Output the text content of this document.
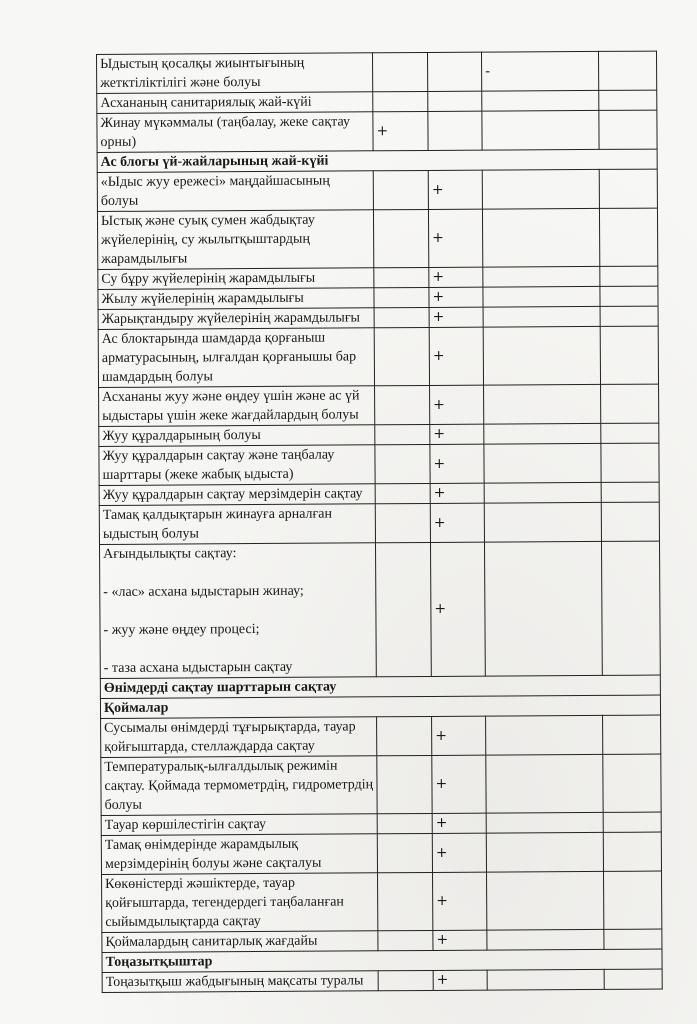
Ыдыстың қосалқы жиынтығының жетктіліктілігі және болуы			-	
Асхананың санитариялық жай-күйі				
Жинау мүкәммалы (таңбалау, жеке сақтау орны)	+			
Ас блогы үй-жайларының жай-күйі				
«Ыдыс жуу ережесі» маңдайшасының болуы		+		
Ыстық және суық сумен жабдықтау жүйелерінің, су жылытқыштардың жарамдылығы		+		
Су бұру жүйелерінің жарамдылығы		+		
Жылу жүйелерінің жарамдылығы		+		
Жарықтандыру жүйелерінің жарамдылығы		+		
Ас блоктарында шамдарда қорғаныш арматурасының, ылғалдан қорғанышы бар шамдардың болуы		+		
Асхананы жуу және өңдеу үшін және ас үй ыдыстары үшін жеке жағдайлардың болуы		+		
Жуу құралдарының болуы		+		
Жуу құралдарын сақтау және таңбалау шарттары (жеке жабық ыдыста)		+		
Жуу құралдарын сақтау мерзімдерін сақтау		+		
Тамақ қалдықтарын жинауға арналған ыдыстың болуы		+		

Ағындылықты сақтау:

- «лас» асхана ыдыстарын жинау;

- жуу және өңдеу процесі;

- таза асхана ыдыстарын сақтау		+		
Өнімдерді сақтау шарттарын сақтау				
Қоймалар				
Сусымалы өнімдерді тұғырықтарда, тауар қойғыштарда, стеллаждарда сақтау		+		
Температуралық-ылғалдылық режимін сақтау. Қоймада термометрдің, гидрометрдің болуы		+		
Тауар көршілестігін сақтау		+		
Тамақ өнімдерінде жарамдылық мерзімдерінің болуы және сақталуы		+		
Көкөністерді жәшіктерде, тауар қойғыштарда, тегендердегі таңбаланған сыйымдылықтарда сақтау		+		
Қоймалардың санитарлық жағдайы		+		
Тоңазытқыштар				
Тоңазытқыш жабдығының мақсаты туралы		+		
